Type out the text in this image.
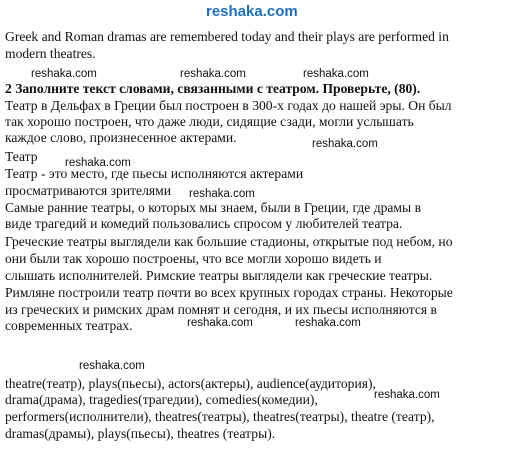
reshaka.com
Greek and Roman dramas are remembered today and their plays are performed in
modern theatres.
reshaka.com	reshaka.com	reshaka.com
2 Заполните текст словами, связанными с театром. Проверьте, (80).
Театр в Дельфах в Греции был построен в 300-х годах до нашей эры. Он был
так хорошо построен, что даже люди, сидящие сзади, могли услышать
каждое слово, произнесенное актерами.	reshaka.com
Театр reshaka.com
Театр - это место, где пьесы исполняются актерами
просматриваются зрителями reshaka.com
Самые ранние театры, о которых мы знаем, были в Греции, где драмы в
виде трагедий и комедий пользовались спросом у любителей театра.
Греческие театры выглядели как большие стадионы, открытые под небом, но
они были так хорошо построены, что все могли хорошо видеть и
слышать исполнителей. Римские театры выглядели как греческие театры.
Римляне построили театр почти во всех крупных городах страны. Некоторые
из греческих и римских драм помнят и сегодня, и их пьесы исполняются в
reshaka.com	reshaka.com
современных театрах.
reshaka.com
theatre(театр), plays(пьесы), actors(актеры), audience(аудитория),
reshaka.com
drama(драма), tragedies(трагедии), comedies(комедии),
performers(исполнители), theatres(театры), theatres(театры), theatre (театр),
dramas(драмы), plays(пьесы), theatres (театры).
